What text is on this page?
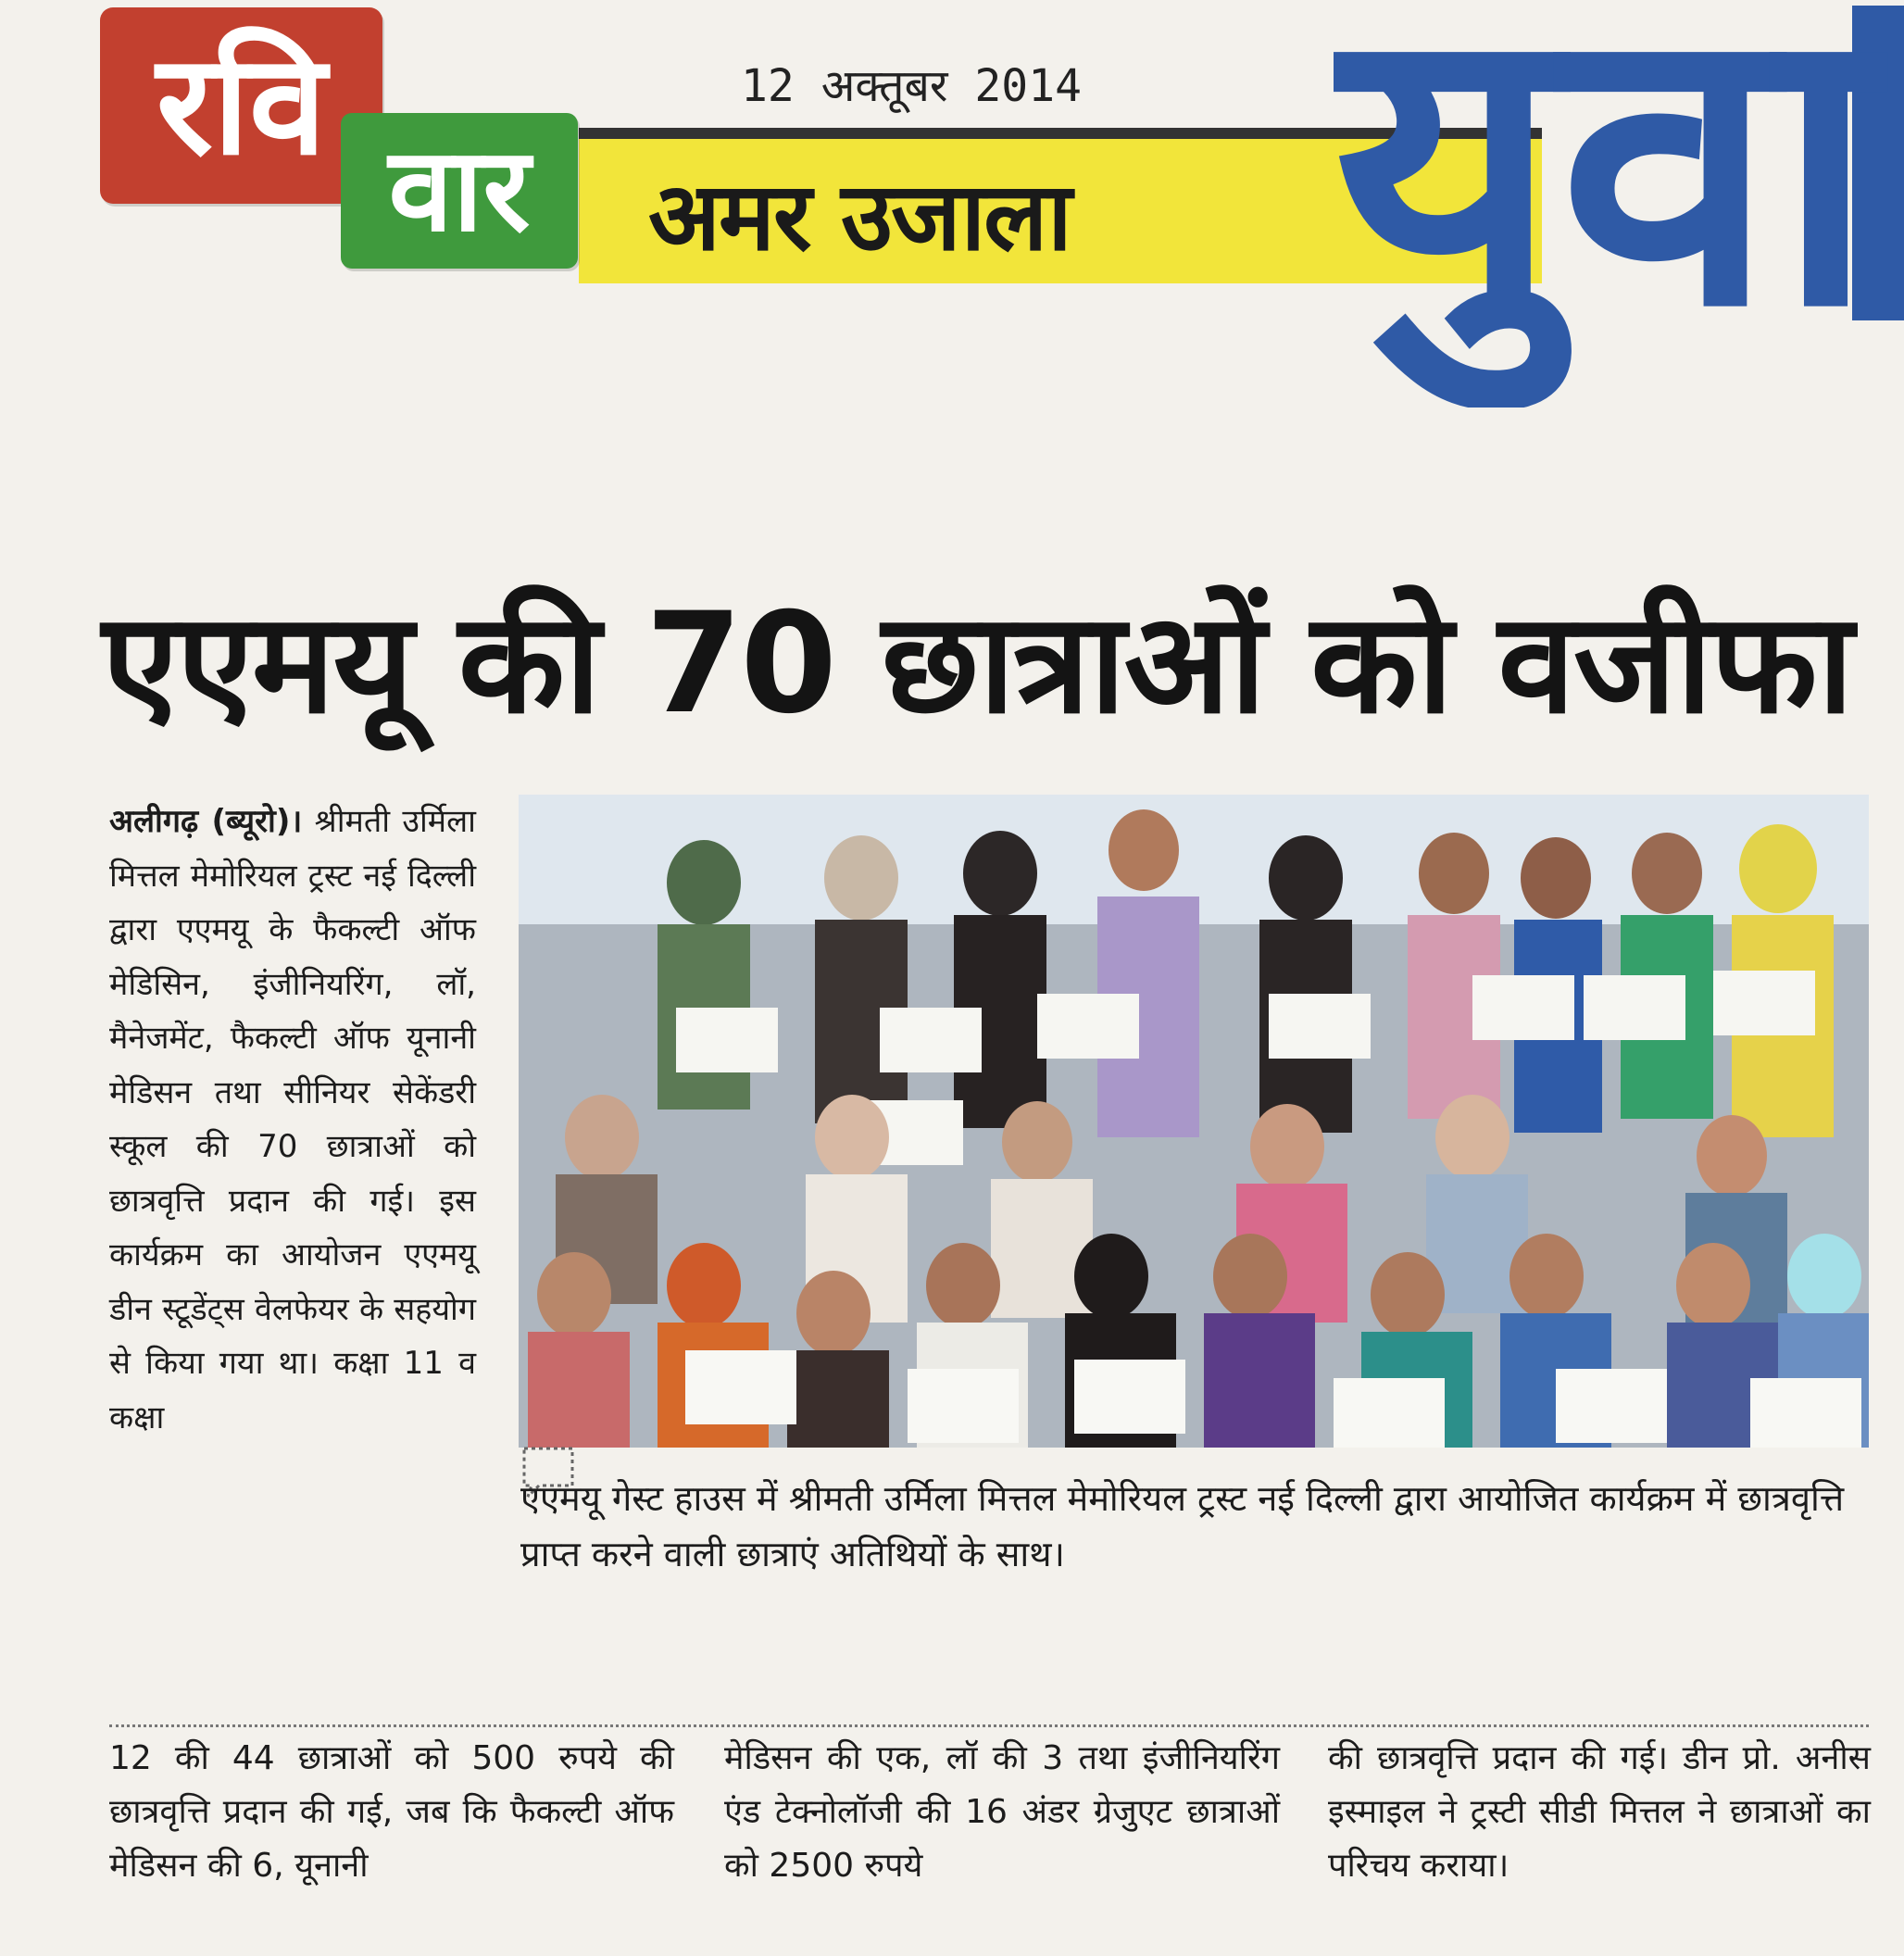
रवि	12 अक्तूबर 2014
वार	अमर उजाला युवा
एएमयू की 70 छात्राओं को वजीफा
अलीगढ़ (ब्यूरो)। श्रीमती उर्मिला मित्तल मेमोरियल ट्रस्ट नई दिल्ली द्वारा एएमयू के फैकल्टी ऑफ मेडिसिन, इंजीनियरिंग, लॉ, मैनेजमेंट, फैकल्टी ऑफ यूनानी मेडिसन तथा सीनियर सेकेंडरी स्कूल की 70 छात्राओं को छात्रवृत्ति प्रदान की गई। इस कार्यक्रम का आयोजन एएमयू डीन स्टूडेंट्स वेलफेयर के सहयोग से किया गया था। कक्षा 11 व कक्षा
एएमयू गेस्ट हाउस में श्रीमती उर्मिला मित्तल मेमोरियल ट्रस्ट नई दिल्ली द्वारा आयोजित कार्यक्रम में छात्रवृत्ति प्राप्त करने वाली छात्राएं अतिथियों के साथ।
12 की 44 छात्राओं को 500 रुपये की छात्रवृत्ति प्रदान की गई, जब कि फैकल्टी ऑफ मेडिसन की 6, यूनानी
मेडिसन की एक, लॉ की 3 तथा इंजीनियरिंग एंड टेक्नोलॉजी की 16 अंडर ग्रेजुएट छात्राओं को 2500 रुपये
की छात्रवृत्ति प्रदान की गई। डीन प्रो. अनीस इस्माइल ने ट्रस्टी सीडी मित्तल ने छात्राओं का परिचय कराया।
